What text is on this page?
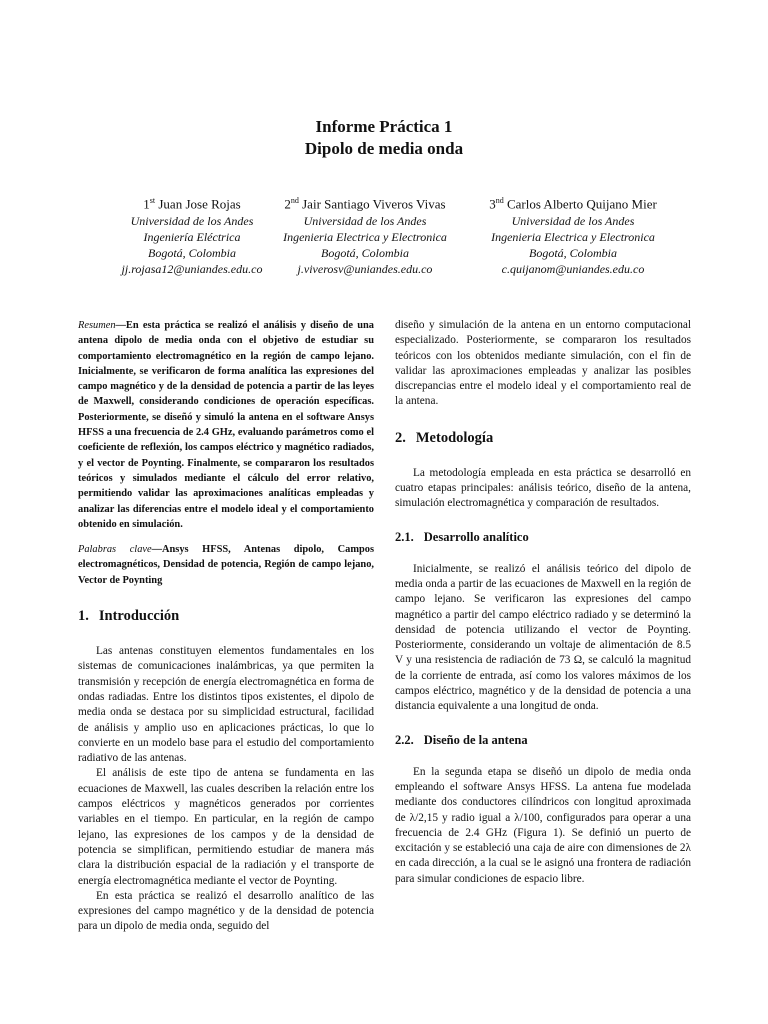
Informe Práctica 1
Dipolo de media onda
1st Juan Jose Rojas
Universidad de los Andes
Ingeniería Eléctrica
Bogotá, Colombia
jj.rojasa12@uniandes.edu.co
2nd Jair Santiago Viveros Vivas
Universidad de los Andes
Ingenieria Electrica y Electronica
Bogotá, Colombia
j.viverosv@uniandes.edu.co
3nd Carlos Alberto Quijano Mier
Universidad de los Andes
Ingenieria Electrica y Electronica
Bogotá, Colombia
c.quijanom@uniandes.edu.co

Resumen—En esta práctica se realizó el análisis y diseño de una antena dipolo de media onda con el objetivo de estudiar su comportamiento electromagnético en la región de campo lejano. Inicialmente, se verificaron de forma analítica las expresiones del campo magnético y de la densidad de potencia a partir de las leyes de Maxwell, considerando condiciones de operación específicas. Posteriormente, se diseñó y simuló la antena en el software Ansys HFSS a una frecuencia de 2.4 GHz, evaluando parámetros como el coeficiente de reflexión, los campos eléctrico y magnético radiados, y el vector de Poynting. Finalmente, se compararon los resultados teóricos y simulados mediante el cálculo del error relativo, permitiendo validar las aproximaciones analíticas empleadas y analizar las diferencias entre el modelo ideal y el comportamiento obtenido en simulación.

Palabras clave—Ansys HFSS, Antenas dipolo, Campos electromagnéticos, Densidad de potencia, Región de campo lejano, Vector de Poynting

1. Introducción

Las antenas constituyen elementos fundamentales en los sistemas de comunicaciones inalámbricas, ya que permiten la transmisión y recepción de energía electromagnética en forma de ondas radiadas. Entre los distintos tipos existentes, el dipolo de media onda se destaca por su simplicidad estructural, facilidad de análisis y amplio uso en aplicaciones prácticas, lo que lo convierte en un modelo base para el estudio del comportamiento radiativo de las antenas.

El análisis de este tipo de antena se fundamenta en las ecuaciones de Maxwell, las cuales describen la relación entre los campos eléctricos y magnéticos generados por corrientes variables en el tiempo. En particular, en la región de campo lejano, las expresiones de los campos y de la densidad de potencia se simplifican, permitiendo estudiar de manera más clara la distribución espacial de la radiación y el transporte de energía electromagnética mediante el vector de Poynting.

En esta práctica se realizó el desarrollo analítico de las expresiones del campo magnético y de la densidad de potencia para un dipolo de media onda, seguido del

diseño y simulación de la antena en un entorno computacional especializado. Posteriormente, se compararon los resultados teóricos con los obtenidos mediante simulación, con el fin de validar las aproximaciones empleadas y analizar las posibles discrepancias entre el modelo ideal y el comportamiento real de la antena.

2. Metodología

La metodología empleada en esta práctica se desarrolló en cuatro etapas principales: análisis teórico, diseño de la antena, simulación electromagnética y comparación de resultados.

2.1. Desarrollo analítico

Inicialmente, se realizó el análisis teórico del dipolo de media onda a partir de las ecuaciones de Maxwell en la región de campo lejano. Se verificaron las expresiones del campo magnético a partir del campo eléctrico radiado y se determinó la densidad de potencia utilizando el vector de Poynting. Posteriormente, considerando un voltaje de alimentación de 8.5 V y una resistencia de radiación de 73 Ω, se calculó la magnitud de la corriente de entrada, así como los valores máximos de los campos eléctrico, magnético y de la densidad de potencia a una distancia equivalente a una longitud de onda.

2.2. Diseño de la antena

En la segunda etapa se diseñó un dipolo de media onda empleando el software Ansys HFSS. La antena fue modelada mediante dos conductores cilíndricos con longitud aproximada de λ/2,15 y radio igual a λ/100, configurados para operar a una frecuencia de 2.4 GHz (Figura 1). Se definió un puerto de excitación y se estableció una caja de aire con dimensiones de 2λ en cada dirección, a la cual se le asignó una frontera de radiación para simular condiciones de espacio libre.
